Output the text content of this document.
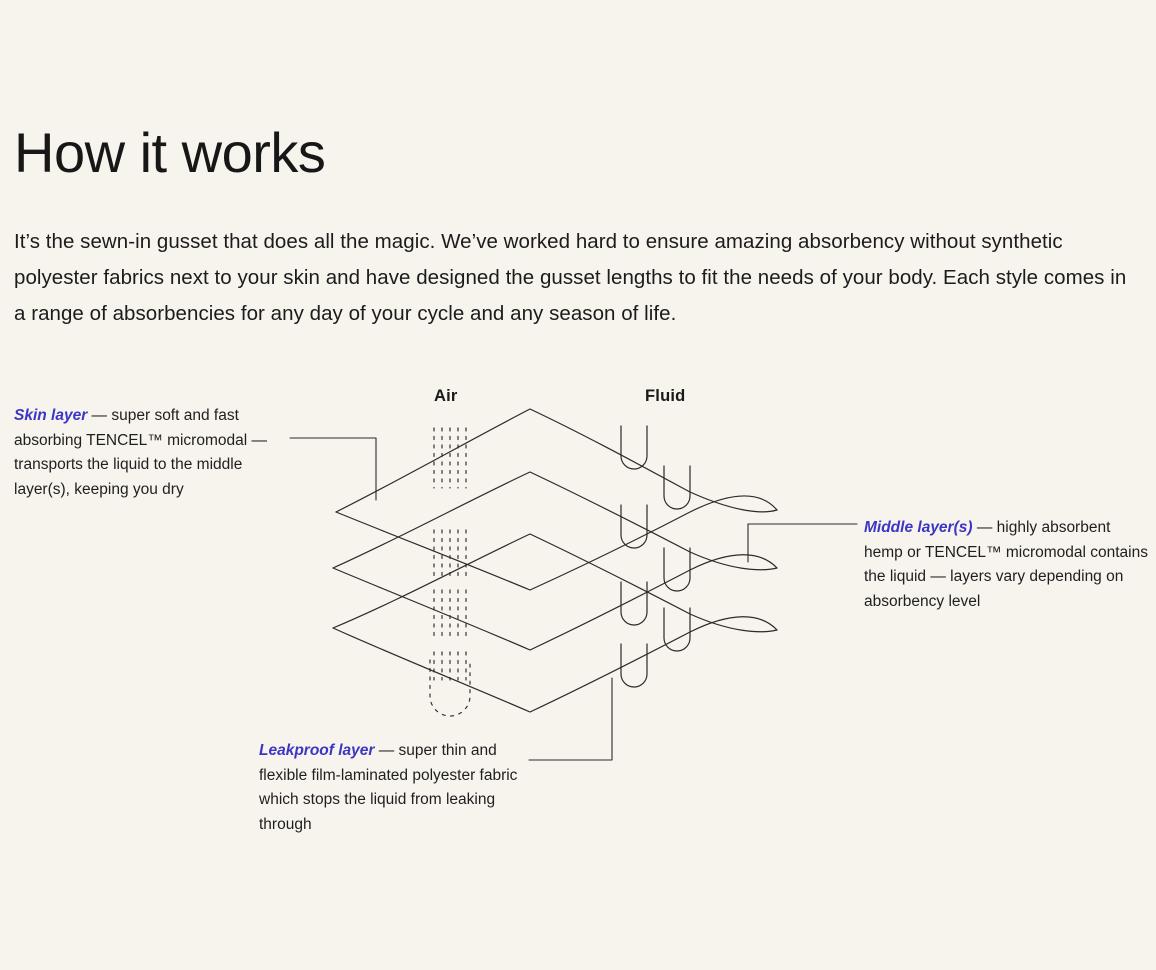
How it works

It’s the sewn-in gusset that does all the magic. We’ve worked hard to ensure amazing absorbency without synthetic polyester fabrics next to your skin and have designed the gusset lengths to fit the needs of your body. Each style comes in a range of absorbencies for any day of your cycle and any season of life.

Air	Fluid
Skin layer — super soft and fast absorbing TENCEL™ micromodal — transports the liquid to the middle layer(s), keeping you dry
Middle layer(s) — highly absorbent hemp or TENCEL™ micromodal contains the liquid — layers vary depending on absorbency level
Leakproof layer — super thin and flexible film-laminated polyester fabric which stops the liquid from leaking through
